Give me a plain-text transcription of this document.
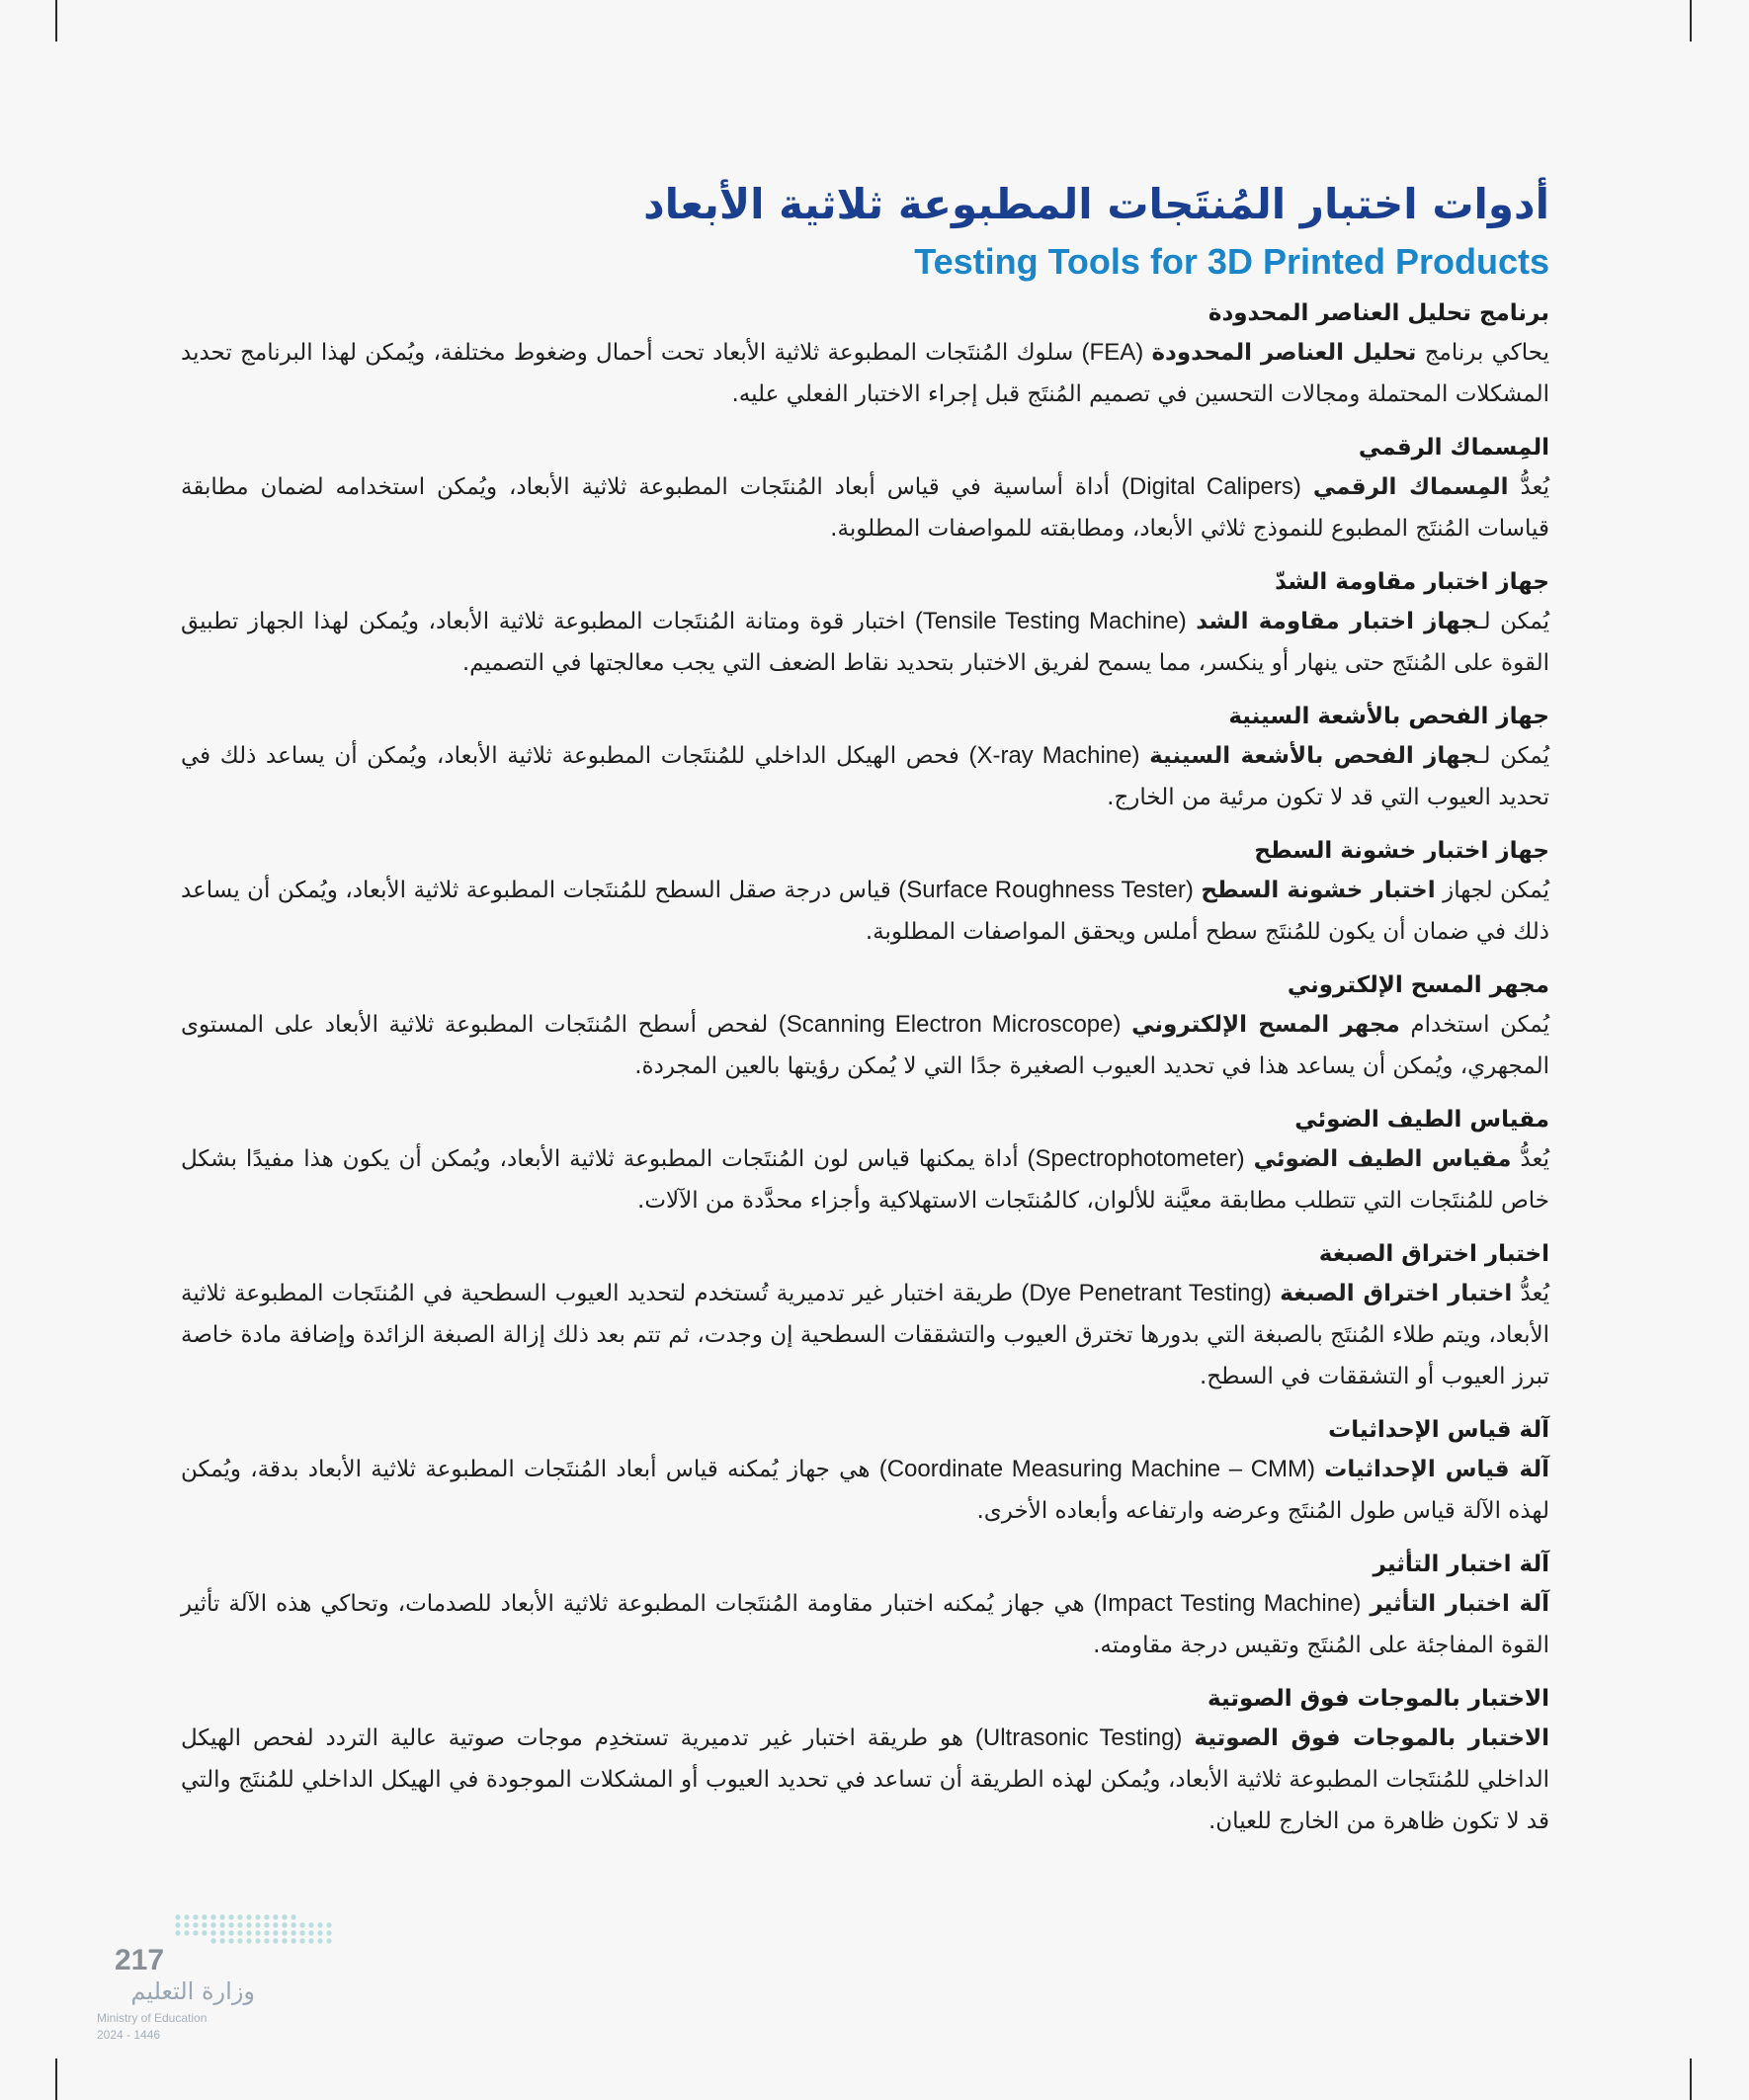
أدوات اختبار المُنتَجات المطبوعة ثلاثية الأبعاد
Testing Tools for 3D Printed Products
برنامج تحليل العناصر المحدودة

يحاكي برنامج تحليل العناصر المحدودة (FEA) سلوك المُنتَجات المطبوعة ثلاثية الأبعاد تحت أحمال وضغوط مختلفة، ويُمكن لهذا البرنامج تحديد المشكلات المحتملة ومجالات التحسين في تصميم المُنتَج قبل إجراء الاختبار الفعلي عليه.

المِسماك الرقمي

يُعدُّ المِسماك الرقمي (Digital Calipers) أداة أساسية في قياس أبعاد المُنتَجات المطبوعة ثلاثية الأبعاد، ويُمكن استخدامه لضمان مطابقة قياسات المُنتَج المطبوع للنموذج ثلاثي الأبعاد، ومطابقته للمواصفات المطلوبة.

جهاز اختبار مقاومة الشدّ

يُمكن لـجهاز اختبار مقاومة الشد (Tensile Testing Machine) اختبار قوة ومتانة المُنتَجات المطبوعة ثلاثية الأبعاد، ويُمكن لهذا الجهاز تطبيق القوة على المُنتَج حتى ينهار أو ينكسر، مما يسمح لفريق الاختبار بتحديد نقاط الضعف التي يجب معالجتها في التصميم.

جهاز الفحص بالأشعة السينية

يُمكن لـجهاز الفحص بالأشعة السينية (X-ray Machine) فحص الهيكل الداخلي للمُنتَجات المطبوعة ثلاثية الأبعاد، ويُمكن أن يساعد ذلك في تحديد العيوب التي قد لا تكون مرئية من الخارج.

جهاز اختبار خشونة السطح

يُمكن لجهاز اختبار خشونة السطح (Surface Roughness Tester) قياس درجة صقل السطح للمُنتَجات المطبوعة ثلاثية الأبعاد، ويُمكن أن يساعد ذلك في ضمان أن يكون للمُنتَج سطح أملس ويحقق المواصفات المطلوبة.

مجهر المسح الإلكتروني

يُمكن استخدام مجهر المسح الإلكتروني (Scanning Electron Microscope) لفحص أسطح المُنتَجات المطبوعة ثلاثية الأبعاد على المستوى المجهري، ويُمكن أن يساعد هذا في تحديد العيوب الصغيرة جدًا التي لا يُمكن رؤيتها بالعين المجردة.

مقياس الطيف الضوئي

يُعدُّ مقياس الطيف الضوئي (Spectrophotometer) أداة يمكنها قياس لون المُنتَجات المطبوعة ثلاثية الأبعاد، ويُمكن أن يكون هذا مفيدًا بشكل خاص للمُنتَجات التي تتطلب مطابقة معيَّنة للألوان، كالمُنتَجات الاستهلاكية وأجزاء محدَّدة من الآلات.

اختبار اختراق الصبغة

يُعدُّ اختبار اختراق الصبغة (Dye Penetrant Testing) طريقة اختبار غير تدميرية تُستخدم لتحديد العيوب السطحية في المُنتَجات المطبوعة ثلاثية الأبعاد، ويتم طلاء المُنتَج بالصبغة التي بدورها تخترق العيوب والتشققات السطحية إن وجدت، ثم تتم بعد ذلك إزالة الصبغة الزائدة وإضافة مادة خاصة تبرز العيوب أو التشققات في السطح.

آلة قياس الإحداثيات

آلة قياس الإحداثيات (Coordinate Measuring Machine – CMM) هي جهاز يُمكنه قياس أبعاد المُنتَجات المطبوعة ثلاثية الأبعاد بدقة، ويُمكن لهذه الآلة قياس طول المُنتَج وعرضه وارتفاعه وأبعاده الأخرى.

آلة اختبار التأثير

آلة اختبار التأثير (Impact Testing Machine) هي جهاز يُمكنه اختبار مقاومة المُنتَجات المطبوعة ثلاثية الأبعاد للصدمات، وتحاكي هذه الآلة تأثير القوة المفاجئة على المُنتَج وتقيس درجة مقاومته.

الاختبار بالموجات فوق الصوتية

الاختبار بالموجات فوق الصوتية (Ultrasonic Testing) هو طريقة اختبار غير تدميرية تستخدِم موجات صوتية عالية التردد لفحص الهيكل الداخلي للمُنتَجات المطبوعة ثلاثية الأبعاد، ويُمكن لهذه الطريقة أن تساعد في تحديد العيوب أو المشكلات الموجودة في الهيكل الداخلي للمُنتَج والتي قد لا تكون ظاهرة من الخارج للعيان.

217
وزارة التعليم
Ministry of Education
2024 - 1446
